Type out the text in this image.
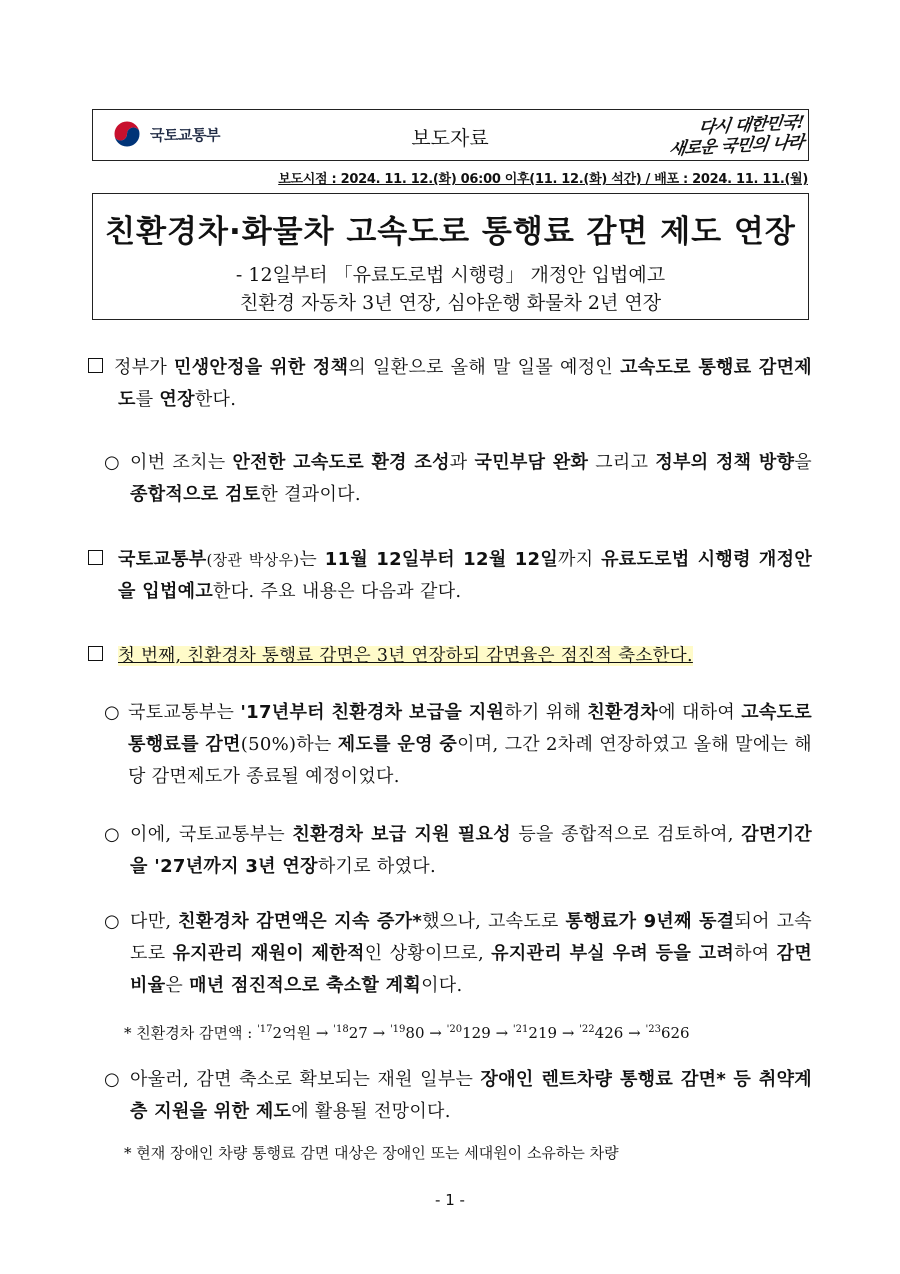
국토교통부	보도자료	다시 대한민국!
새로운 국민의 나라
보도시점 : 2024. 11. 12.(화) 06:00 이후(11. 12.(화) 석간) / 배포 : 2024. 11. 11.(월)
친환경차·화물차 고속도로 통행료 감면 제도 연장
- 12일부터 「유료도로법 시행령」 개정안 입법예고
친환경 자동차 3년 연장, 심야운행 화물차 2년 연장
정부가 민생안정을 위한 정책의 일환으로 올해 말 일몰 예정인 고속도로 통행료 감면제도를 연장한다.
○ 이번 조치는 안전한 고속도로 환경 조성과 국민부담 완화 그리고 정부의 정책 방향을 종합적으로 검토한 결과이다.
국토교통부(장관 박상우)는 11월 12일부터 12월 12일까지 유료도로법 시행령 개정안을 입법예고한다. 주요 내용은 다음과 같다.
첫 번째, 친환경차 통행료 감면은 3년 연장하되 감면율은 점진적 축소한다.
○ 국토교통부는 '17년부터 친환경차 보급을 지원하기 위해 친환경차에 대하여 고속도로 통행료를 감면(50%)하는 제도를 운영 중이며, 그간 2차례 연장하였고 올해 말에는 해당 감면제도가 종료될 예정이었다.
○ 이에, 국토교통부는 친환경차 보급 지원 필요성 등을 종합적으로 검토하여, 감면기간을 '27년까지 3년 연장하기로 하였다.
○ 다만, 친환경차 감면액은 지속 증가*했으나, 고속도로 통행료가 9년째 동결되어 고속도로 유지관리 재원이 제한적인 상황이므로, 유지관리 부실 우려 등을 고려하여 감면 비율은 매년 점진적으로 축소할 계획이다.
* 친환경차 감면액 : $^{'17}$2억원 → $^{'18}$27 → $^{'19}$80 → $^{'20}$129 → $^{'21}$219 → $^{'22}$426 → $^{'23}$626
○ 아울러, 감면 축소로 확보되는 재원 일부는 장애인 렌트차량 통행료 감면* 등 취약계층 지원을 위한 제도에 활용될 전망이다.
* 현재 장애인 차량 통행료 감면 대상은 장애인 또는 세대원이 소유하는 차량
- 1 -
